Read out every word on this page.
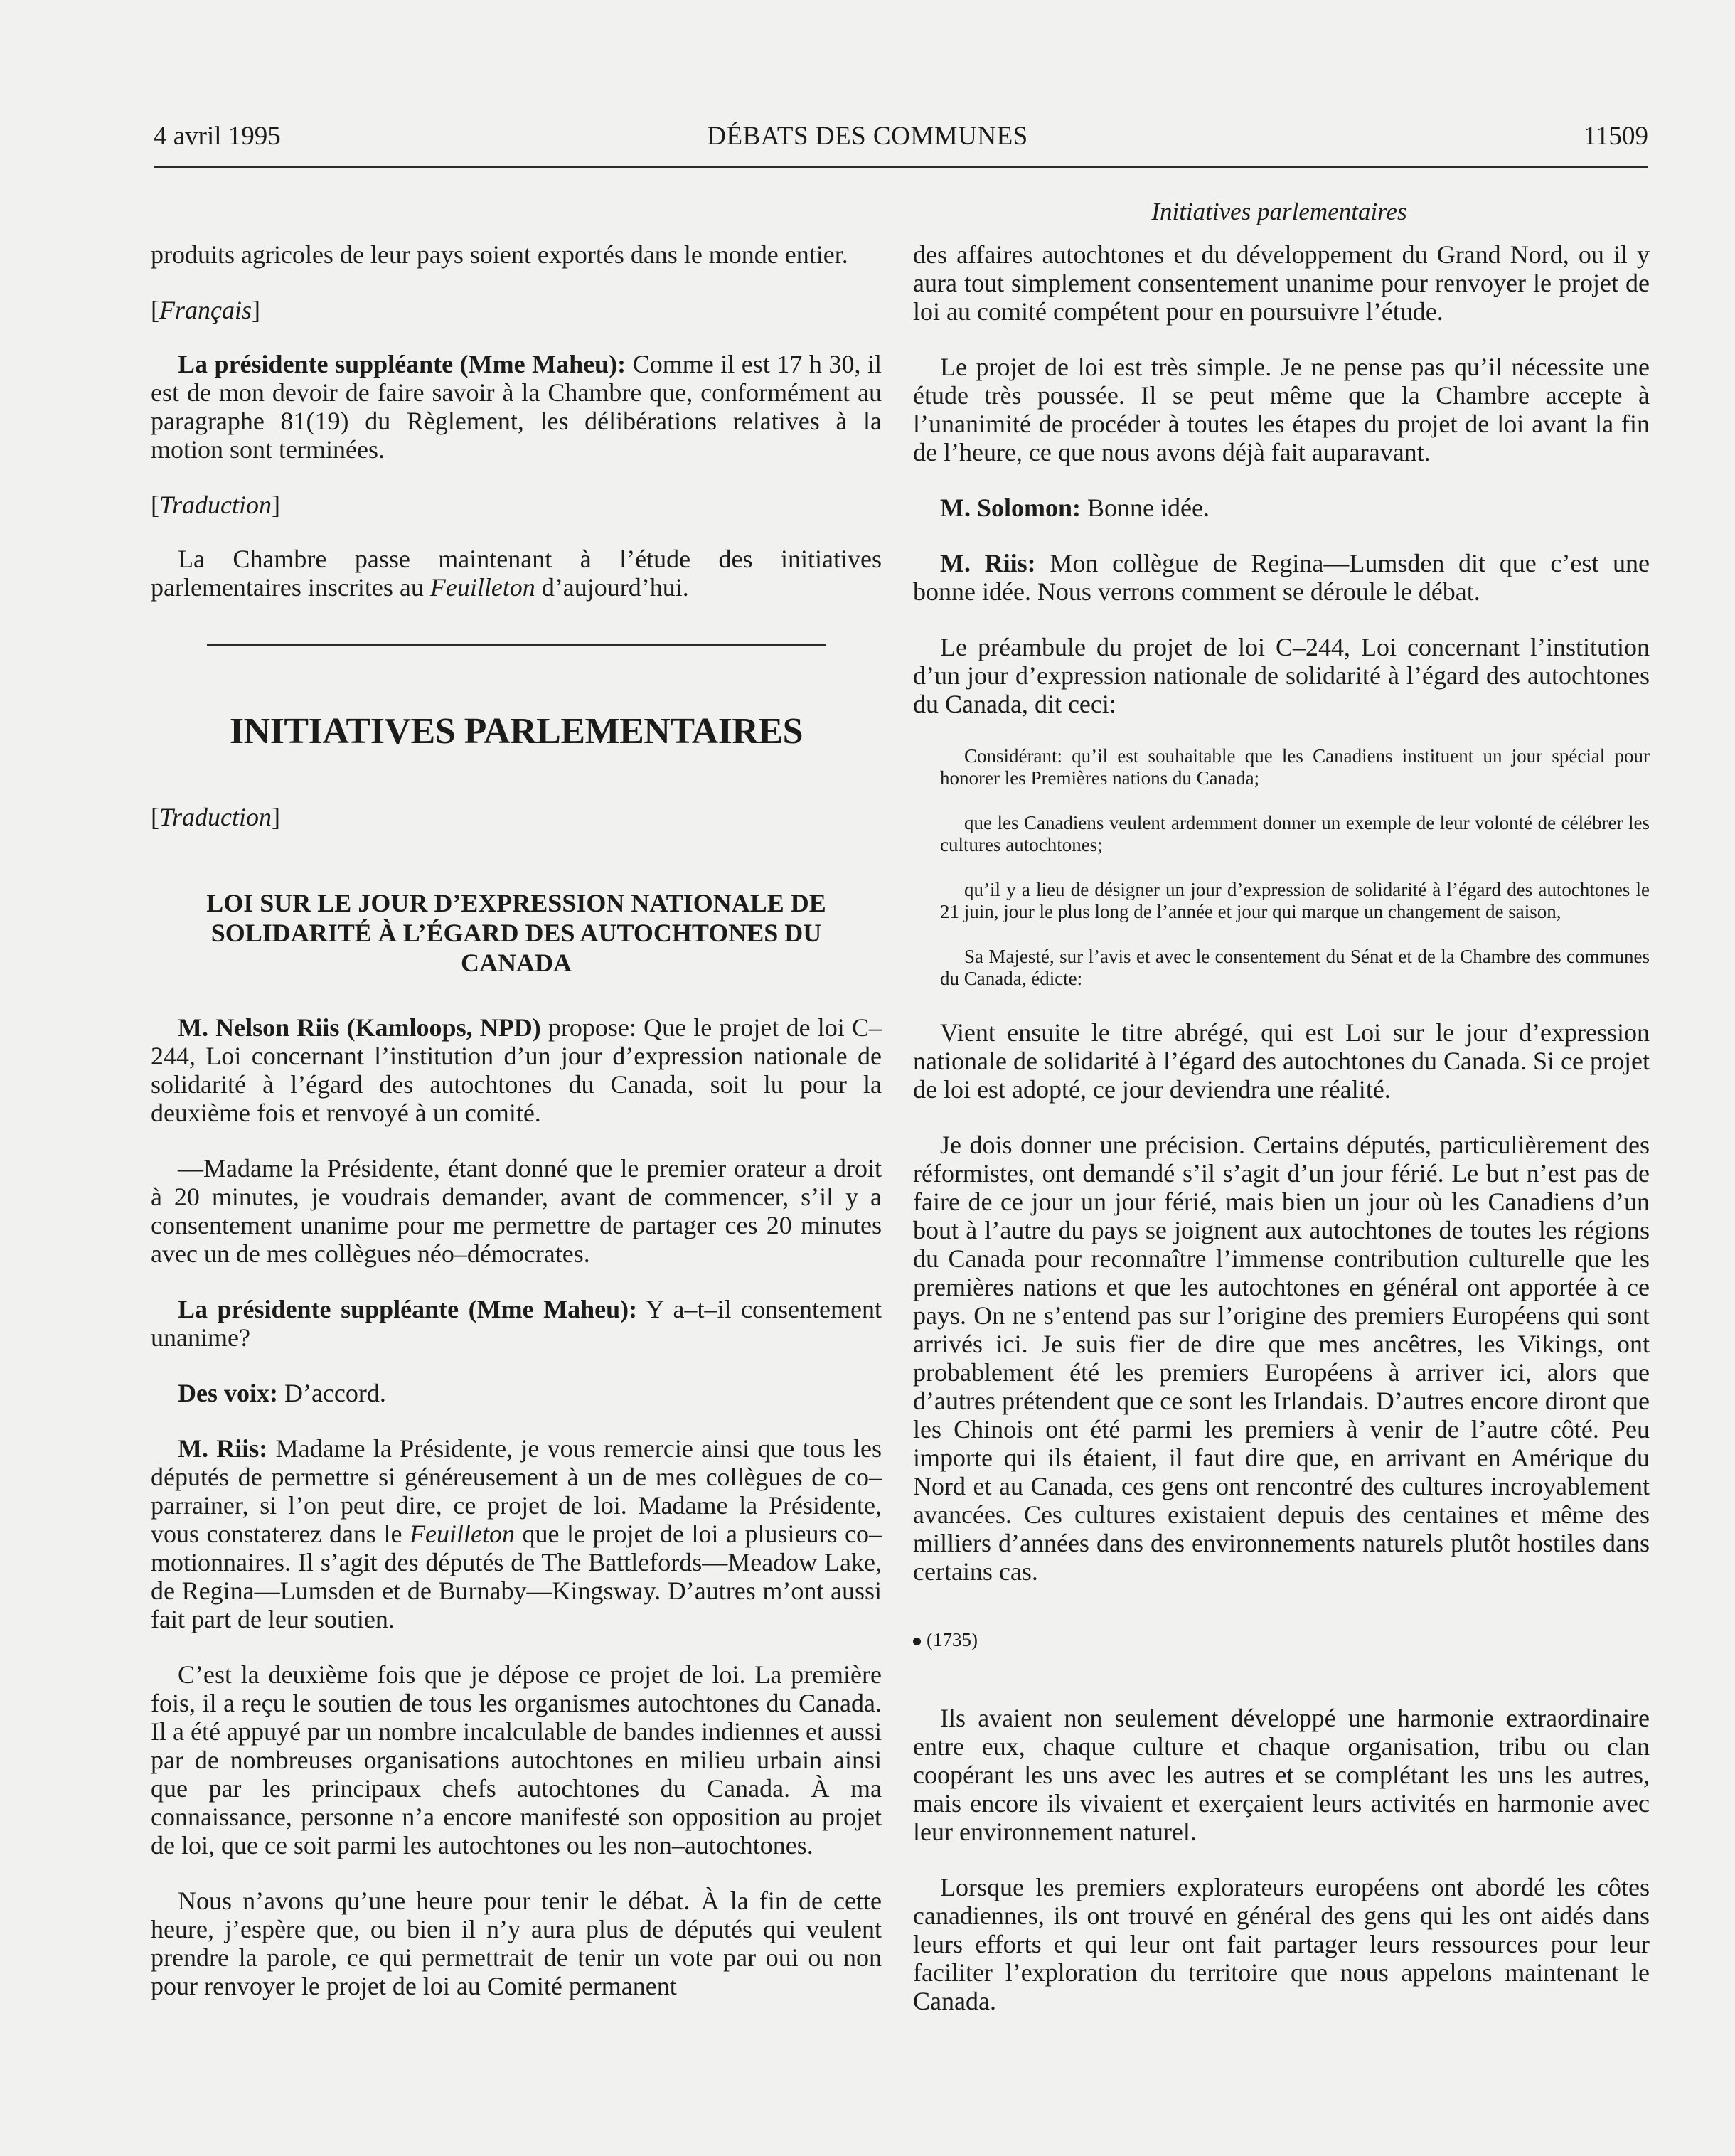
4 avril 1995	DÉBATS DES COMMUNES	11509
Initiatives parlementaires

produits agricoles de leur pays soient exportés dans le monde entier.

[Français]

La présidente suppléante (Mme Maheu): Comme il est 17 h 30, il est de mon devoir de faire savoir à la Chambre que, conformément au paragraphe 81(19) du Règlement, les délibérations relatives à la motion sont terminées.

[Traduction]

La Chambre passe maintenant à l’étude des initiatives parlementaires inscrites au Feuilleton d’aujourd’hui.

INITIATIVES PARLEMENTAIRES

[Traduction]

LOI SUR LE JOUR D’EXPRESSION NATIONALE DE SOLIDARITÉ À L’ÉGARD DES AUTOCHTONES DU CANADA

M. Nelson Riis (Kamloops, NPD) propose: Que le projet de loi C–244, Loi concernant l’institution d’un jour d’expression nationale de solidarité à l’égard des autochtones du Canada, soit lu pour la deuxième fois et renvoyé à un comité.

—Madame la Présidente, étant donné que le premier orateur a droit à 20 minutes, je voudrais demander, avant de commencer, s’il y a consentement unanime pour me permettre de partager ces 20 minutes avec un de mes collègues néo–démocrates.

La présidente suppléante (Mme Maheu): Y a–t–il consentement unanime?

Des voix: D’accord.

M. Riis: Madame la Présidente, je vous remercie ainsi que tous les députés de permettre si généreusement à un de mes collègues de co–parrainer, si l’on peut dire, ce projet de loi. Madame la Présidente, vous constaterez dans le Feuilleton que le projet de loi a plusieurs co–motionnaires. Il s’agit des députés de The Battlefords—Meadow Lake, de Regina—Lumsden et de Burnaby—Kingsway. D’autres m’ont aussi fait part de leur soutien.

C’est la deuxième fois que je dépose ce projet de loi. La première fois, il a reçu le soutien de tous les organismes autochtones du Canada. Il a été appuyé par un nombre incalculable de bandes indiennes et aussi par de nombreuses organisations autochtones en milieu urbain ainsi que par les principaux chefs autochtones du Canada. À ma connaissance, personne n’a encore manifesté son opposition au projet de loi, que ce soit parmi les autochtones ou les non–autochtones.

Nous n’avons qu’une heure pour tenir le débat. À la fin de cette heure, j’espère que, ou bien il n’y aura plus de députés qui veulent prendre la parole, ce qui permettrait de tenir un vote par oui ou non pour renvoyer le projet de loi au Comité permanent

des affaires autochtones et du développement du Grand Nord, ou il y aura tout simplement consentement unanime pour renvoyer le projet de loi au comité compétent pour en poursuivre l’étude.

Le projet de loi est très simple. Je ne pense pas qu’il nécessite une étude très poussée. Il se peut même que la Chambre accepte à l’unanimité de procéder à toutes les étapes du projet de loi avant la fin de l’heure, ce que nous avons déjà fait auparavant.

M. Solomon: Bonne idée.

M. Riis: Mon collègue de Regina—Lumsden dit que c’est une bonne idée. Nous verrons comment se déroule le débat.

Le préambule du projet de loi C–244, Loi concernant l’institution d’un jour d’expression nationale de solidarité à l’égard des autochtones du Canada, dit ceci:

Considérant: qu’il est souhaitable que les Canadiens instituent un jour spécial pour honorer les Premières nations du Canada;
que les Canadiens veulent ardemment donner un exemple de leur volonté de célébrer les cultures autochtones;
qu’il y a lieu de désigner un jour d’expression de solidarité à l’égard des autochtones le 21 juin, jour le plus long de l’année et jour qui marque un changement de saison,
Sa Majesté, sur l’avis et avec le consentement du Sénat et de la Chambre des communes du Canada, édicte:

Vient ensuite le titre abrégé, qui est Loi sur le jour d’expression nationale de solidarité à l’égard des autochtones du Canada. Si ce projet de loi est adopté, ce jour deviendra une réalité.

Je dois donner une précision. Certains députés, particulièrement des réformistes, ont demandé s’il s’agit d’un jour férié. Le but n’est pas de faire de ce jour un jour férié, mais bien un jour où les Canadiens d’un bout à l’autre du pays se joignent aux autochtones de toutes les régions du Canada pour reconnaître l’immense contribution culturelle que les premières nations et que les autochtones en général ont apportée à ce pays. On ne s’entend pas sur l’origine des premiers Européens qui sont arrivés ici. Je suis fier de dire que mes ancêtres, les Vikings, ont probablement été les premiers Européens à arriver ici, alors que d’autres prétendent que ce sont les Irlandais. D’autres encore diront que les Chinois ont été parmi les premiers à venir de l’autre côté. Peu importe qui ils étaient, il faut dire que, en arrivant en Amérique du Nord et au Canada, ces gens ont rencontré des cultures incroyablement avancées. Ces cultures existaient depuis des centaines et même des milliers d’années dans des environnements naturels plutôt hostiles dans certains cas.

(1735)

Ils avaient non seulement développé une harmonie extraordinaire entre eux, chaque culture et chaque organisation, tribu ou clan coopérant les uns avec les autres et se complétant les uns les autres, mais encore ils vivaient et exerçaient leurs activités en harmonie avec leur environnement naturel.

Lorsque les premiers explorateurs européens ont abordé les côtes canadiennes, ils ont trouvé en général des gens qui les ont aidés dans leurs efforts et qui leur ont fait partager leurs ressources pour leur faciliter l’exploration du territoire que nous appelons maintenant le Canada.
